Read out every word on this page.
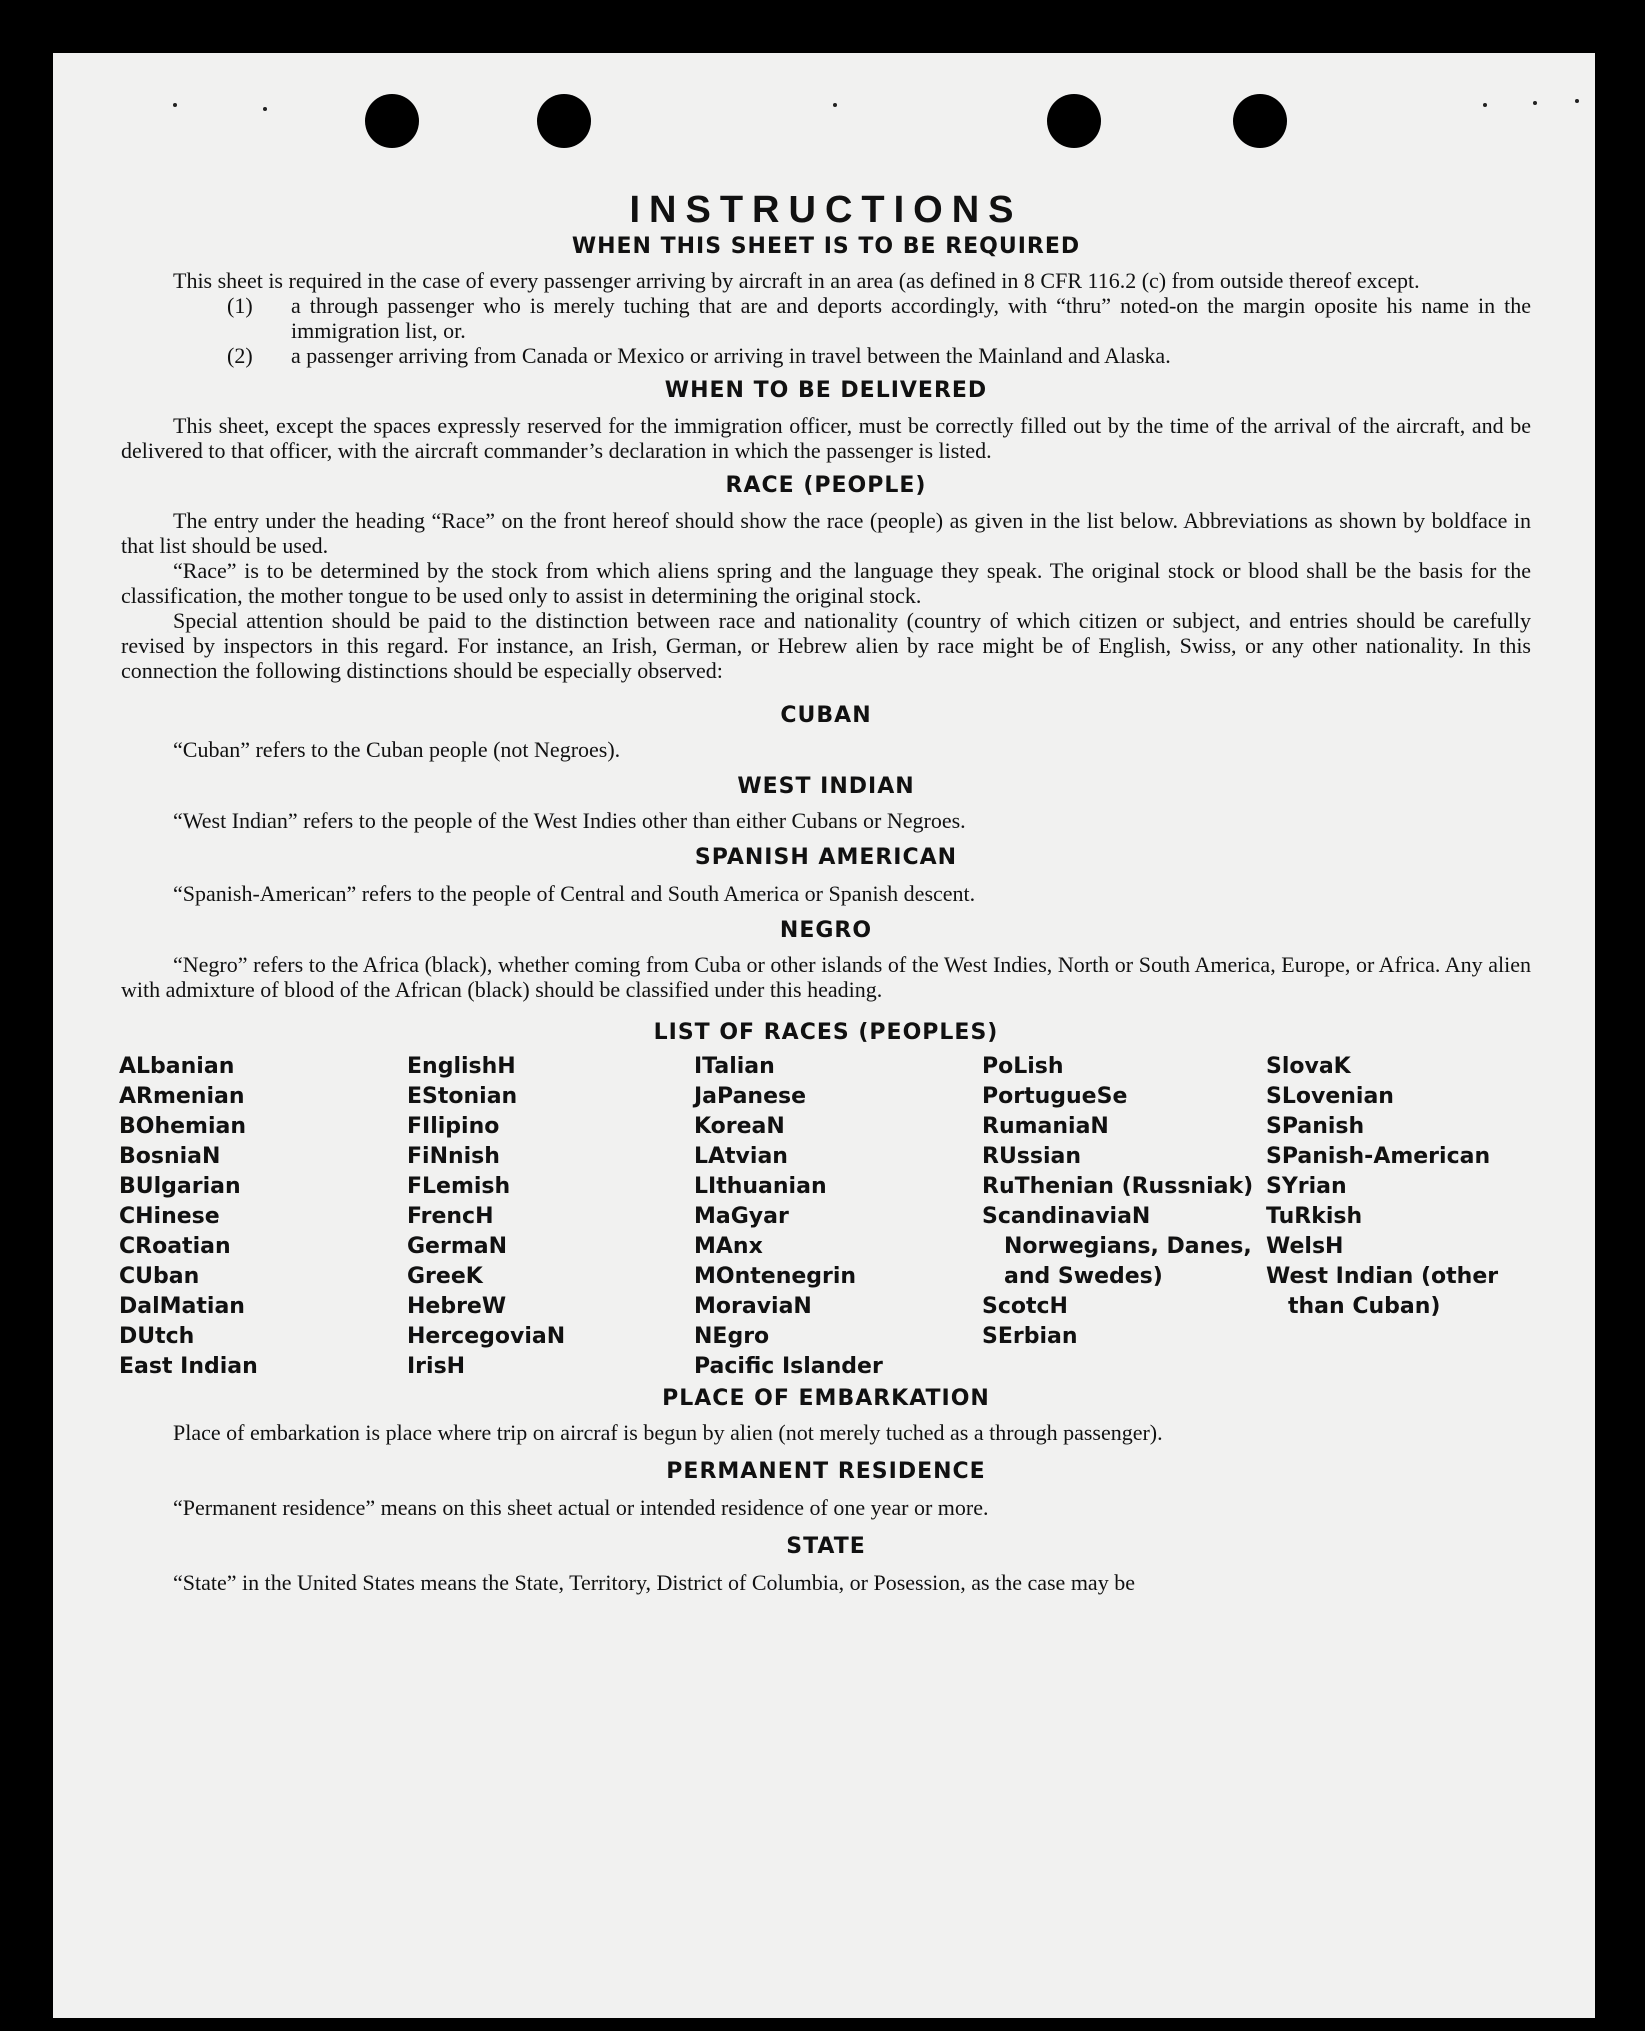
INSTRUCTIONS
WHEN THIS SHEET IS TO BE REQUIRED

This sheet is required in the case of every passenger arriving by aircraft in an area (as defined in 8 CFR 116.2 (c) from outside thereof except.

(1) a through passenger who is merely tuching that are and deports accordingly, with “thru” noted-on the margin oposite his name in the immigration list, or.
(2) a passenger arriving from Canada or Mexico or arriving in travel between the Mainland and Alaska.
WHEN TO BE DELIVERED

This sheet, except the spaces expressly reserved for the immigration officer, must be correctly filled out by the time of the arrival of the aircraft, and be delivered to that officer, with the aircraft commander’s declaration in which the passenger is listed.

RACE (PEOPLE)

The entry under the heading “Race” on the front hereof should show the race (people) as given in the list below. Abbreviations as shown by boldface in that list should be used.

“Race” is to be determined by the stock from which aliens spring and the language they speak. The original stock or blood shall be the basis for the classification, the mother tongue to be used only to assist in determining the original stock.

Special attention should be paid to the distinction between race and nationality (country of which citizen or subject, and entries should be carefully revised by inspectors in this regard. For instance, an Irish, German, or Hebrew alien by race might be of English, Swiss, or any other nationality. In this connection the following distinctions should be especially observed:

CUBAN

“Cuban” refers to the Cuban people (not Negroes).

WEST INDIAN

“West Indian” refers to the people of the West Indies other than either Cubans or Negroes.

SPANISH AMERICAN

“Spanish-American” refers to the people of Central and South America or Spanish descent.

NEGRO

“Negro” refers to the Africa (black), whether coming from Cuba or other islands of the West Indies, North or South America, Europe, or Africa. Any alien with admixture of blood of the African (black) should be classified under this heading.

LIST OF RACES (PEOPLES)
ALbanian
ARmenian
BOhemian
BosniaN
BUlgarian
CHinese
CRoatian
CUban
DalMatian
DUtch
East Indian
EnglishH
EStonian
FIlipino
FiNnish
FLemish
FrencH
GermaN
GreeK
HebreW
HercegoviaN
IrisH
ITalian
JaPanese
KoreaN
LAtvian
LIthuanian
MaGyar
MAnx
MOntenegrin
MoraviaN
NEgro
Pacific Islander
PoLish
PortugueSe
RumaniaN
RUssian
RuThenian (Russniak)
ScandinaviaN Norwegians, Danes, and Swedes)
ScotcH
SErbian
SlovaK
SLovenian
SPanish
SPanish-American
SYrian
TuRkish
WelsH
West Indian (other than Cuban)
PLACE OF EMBARKATION

Place of embarkation is place where trip on aircraf is begun by alien (not merely tuched as a through passenger).

PERMANENT RESIDENCE

“Permanent residence” means on this sheet actual or intended residence of one year or more.

STATE

“State” in the United States means the State, Territory, District of Columbia, or Posession, as the case may be
